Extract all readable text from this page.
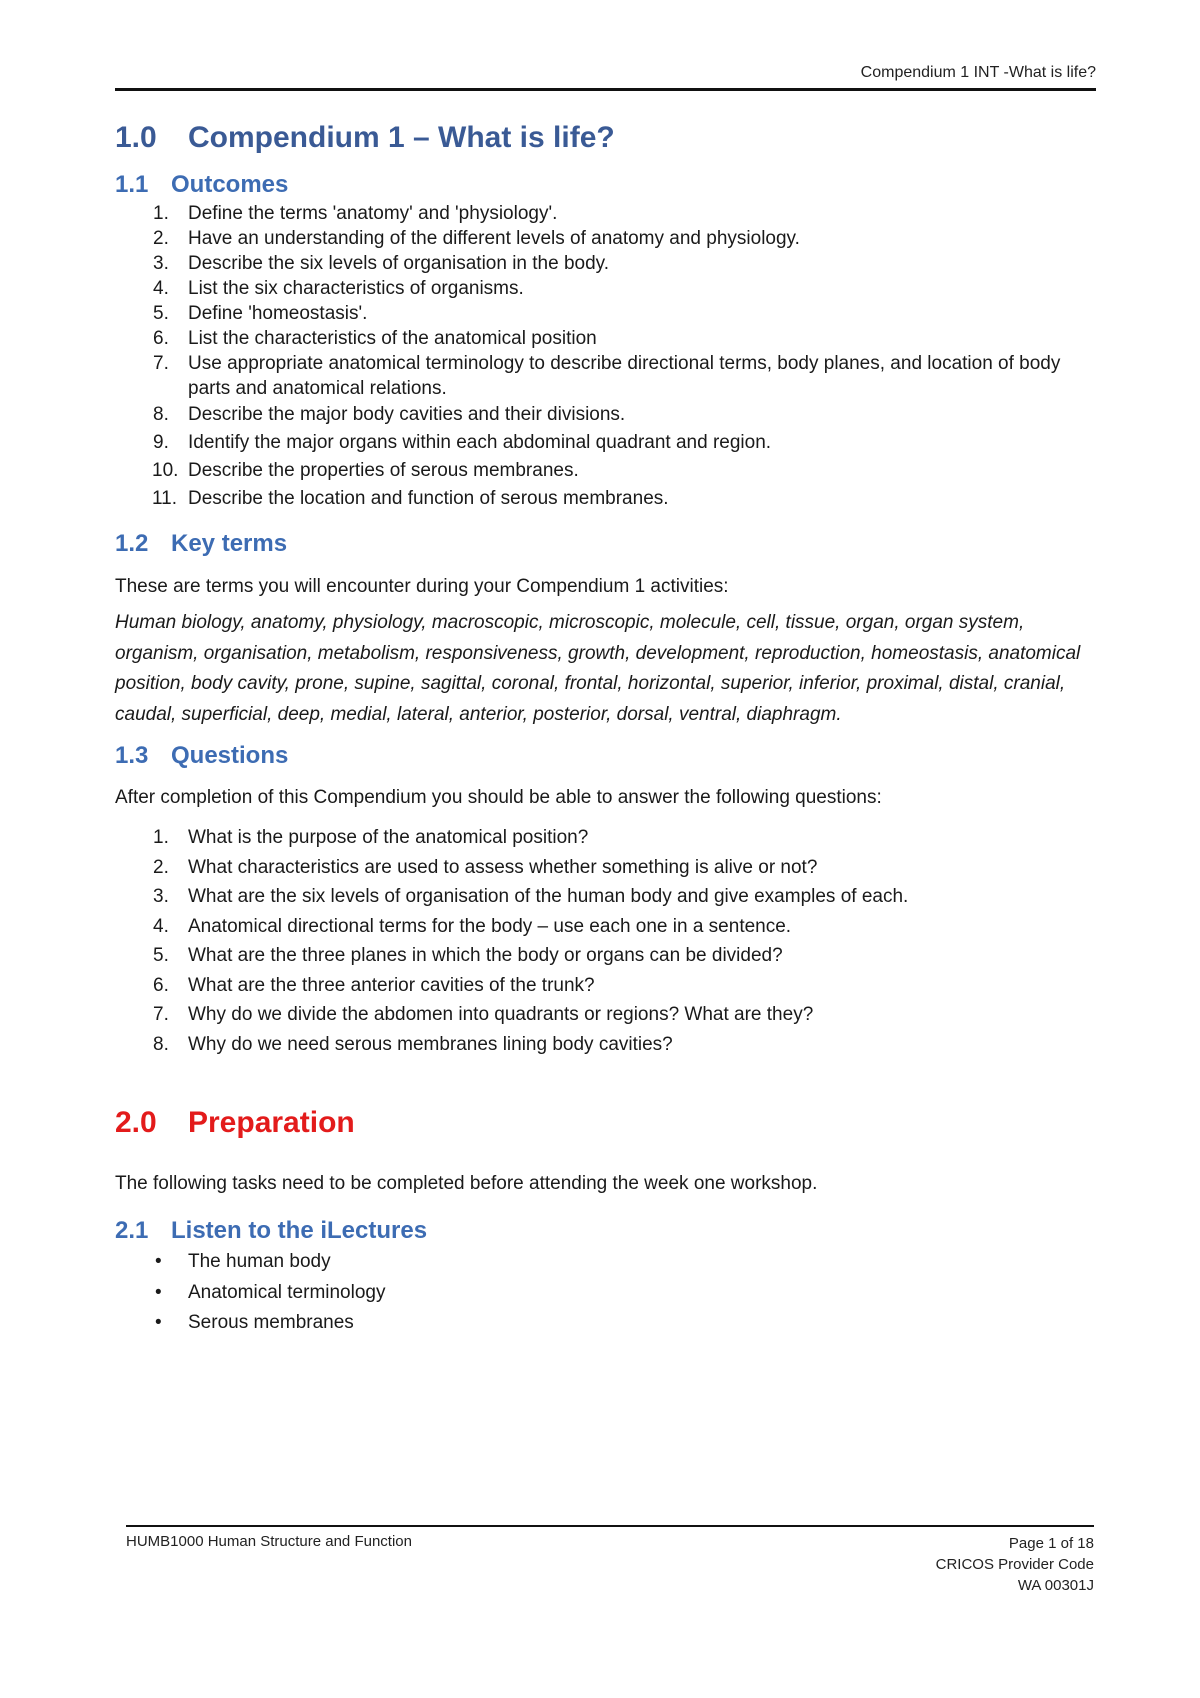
Compendium 1 INT -What is life?
1.0	Compendium 1 – What is life?
1.1 Outcomes
1.	Define the terms 'anatomy' and 'physiology'.
2.	Have an understanding of the different levels of anatomy and physiology.
3.	Describe the six levels of organisation in the body.
4.	List the six characteristics of organisms.
5.	Define 'homeostasis'.
6.	List the characteristics of the anatomical position
7.	Use appropriate anatomical terminology to describe directional terms, body planes, and location of body parts and anatomical relations.
8.	Describe the major body cavities and their divisions.
9.	Identify the major organs within each abdominal quadrant and region.
10. Describe the properties of serous membranes.
11. Describe the location and function of serous membranes.
1.2 Key terms

These are terms you will encounter during your Compendium 1 activities:

Human biology, anatomy, physiology, macroscopic, microscopic, molecule, cell, tissue, organ, organ system, organism, organisation, metabolism, responsiveness, growth, development, reproduction, homeostasis, anatomical position, body cavity, prone, supine, sagittal, coronal, frontal, horizontal, superior, inferior, proximal, distal, cranial, caudal, superficial, deep, medial, lateral, anterior, posterior, dorsal, ventral, diaphragm.

1.3 Questions

After completion of this Compendium you should be able to answer the following questions:

1.	What is the purpose of the anatomical position?
2.	What characteristics are used to assess whether something is alive or not?
3.	What are the six levels of organisation of the human body and give examples of each.
4.	Anatomical directional terms for the body – use each one in a sentence.
5.	What are the three planes in which the body or organs can be divided?
6.	What are the three anterior cavities of the trunk?
7.	Why do we divide the abdomen into quadrants or regions? What are they?
8.	Why do we need serous membranes lining body cavities?
2.0	Preparation

The following tasks need to be completed before attending the week one workshop.

2.1 Listen to the iLectures
• The human body
• Anatomical terminology
• Serous membranes
HUMB1000 Human Structure and Function	Page 1 of 18
CRICOS Provider Code
WA 00301J
